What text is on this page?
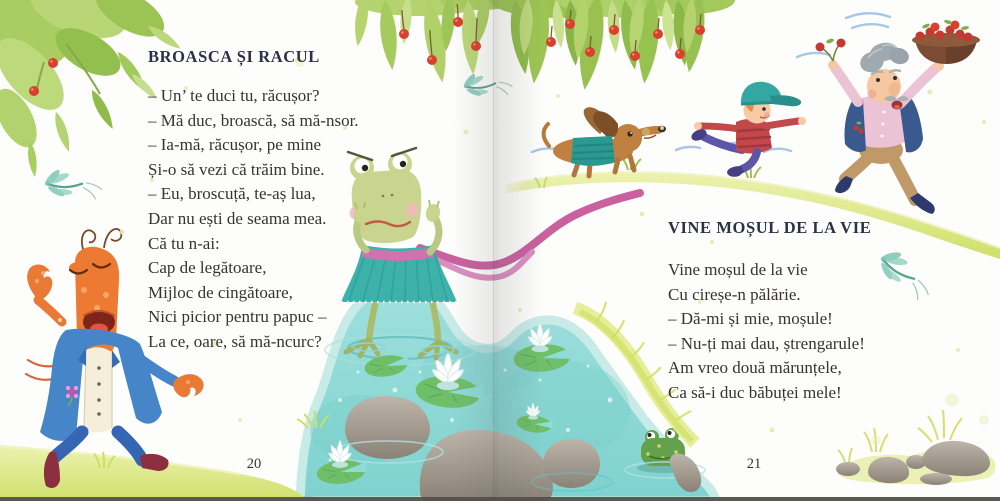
BROASCA ȘI RACUL
– Un’ te duci tu, răcușor?
– Mă duc, broască, să mă-nsor.
– Ia-mă, răcușor, pe mine
Și-o să vezi că trăim bine.
– Eu, broscuță, te-aș lua,
Dar nu ești de seama mea.
Că tu n-ai:
Cap de legătoare,
Mijloc de cingătoare,
Nici picior pentru papuc –
La ce, oare, să mă-ncurc?
20
VINE MOȘUL DE LA VIE
Vine moșul de la vie
Cu cireșe-n pălărie.
– Dă-mi și mie, moșule!
– Nu-ți mai dau, ștrengarule!
Am vreo două mărunțele,
Ca să-i duc băbuței mele!
21
